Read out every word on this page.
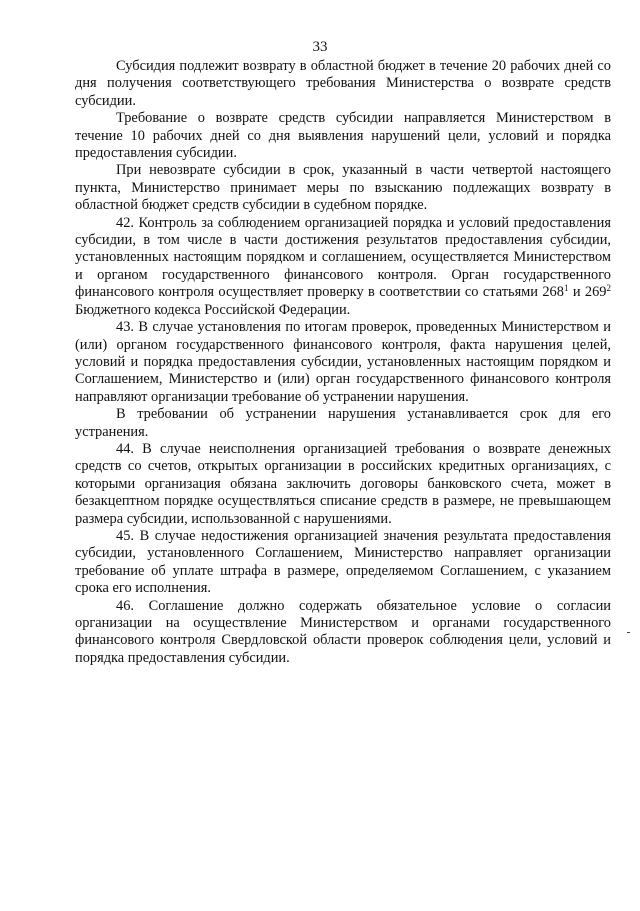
33

Субсидия подлежит возврату в областной бюджет в течение 20 рабочих дней со дня получения соответствующего требования Министерства о возврате средств субсидии.

Требование о возврате средств субсидии направляется Министерством в течение 10 рабочих дней со дня выявления нарушений цели, условий и порядка предоставления субсидии.

При невозврате субсидии в срок, указанный в части четвертой настоящего пункта, Министерство принимает меры по взысканию подлежащих возврату в областной бюджет средств субсидии в судебном порядке.

42. Контроль за соблюдением организацией порядка и условий предоставления субсидии, в том числе в части достижения результатов предоставления субсидии, установленных настоящим порядком и соглашением, осуществляется Министерством и органом государственного финансового контроля. Орган государственного финансового контроля осуществляет проверку в соответствии со статьями $268^1$ и $269^2$ Бюджетного кодекса Российской Федерации.

43. В случае установления по итогам проверок, проведенных Министерством и (или) органом государственного финансового контроля, факта нарушения целей, условий и порядка предоставления субсидии, установленных настоящим порядком и Соглашением, Министерство и (или) орган государственного финансового контроля направляют организации требование об устранении нарушения.

В требовании об устранении нарушения устанавливается срок для его устранения.

44. В случае неисполнения организацией требования о возврате денежных средств со счетов, открытых организации в российских кредитных организациях, с которыми организация обязана заключить договоры банковского счета, может в безакцептном порядке осуществляться списание средств в размере, не превышающем размера субсидии, использованной с нарушениями.

45. В случае недостижения организацией значения результата предоставления субсидии, установленного Соглашением, Министерство направляет организации требование об уплате штрафа в размере, определяемом Соглашением, с указанием срока его исполнения.

46. Соглашение должно содержать обязательное условие о согласии организации на осуществление Министерством и органами государственного финансового контроля Свердловской области проверок соблюдения цели, условий и порядка предоставления субсидии.
